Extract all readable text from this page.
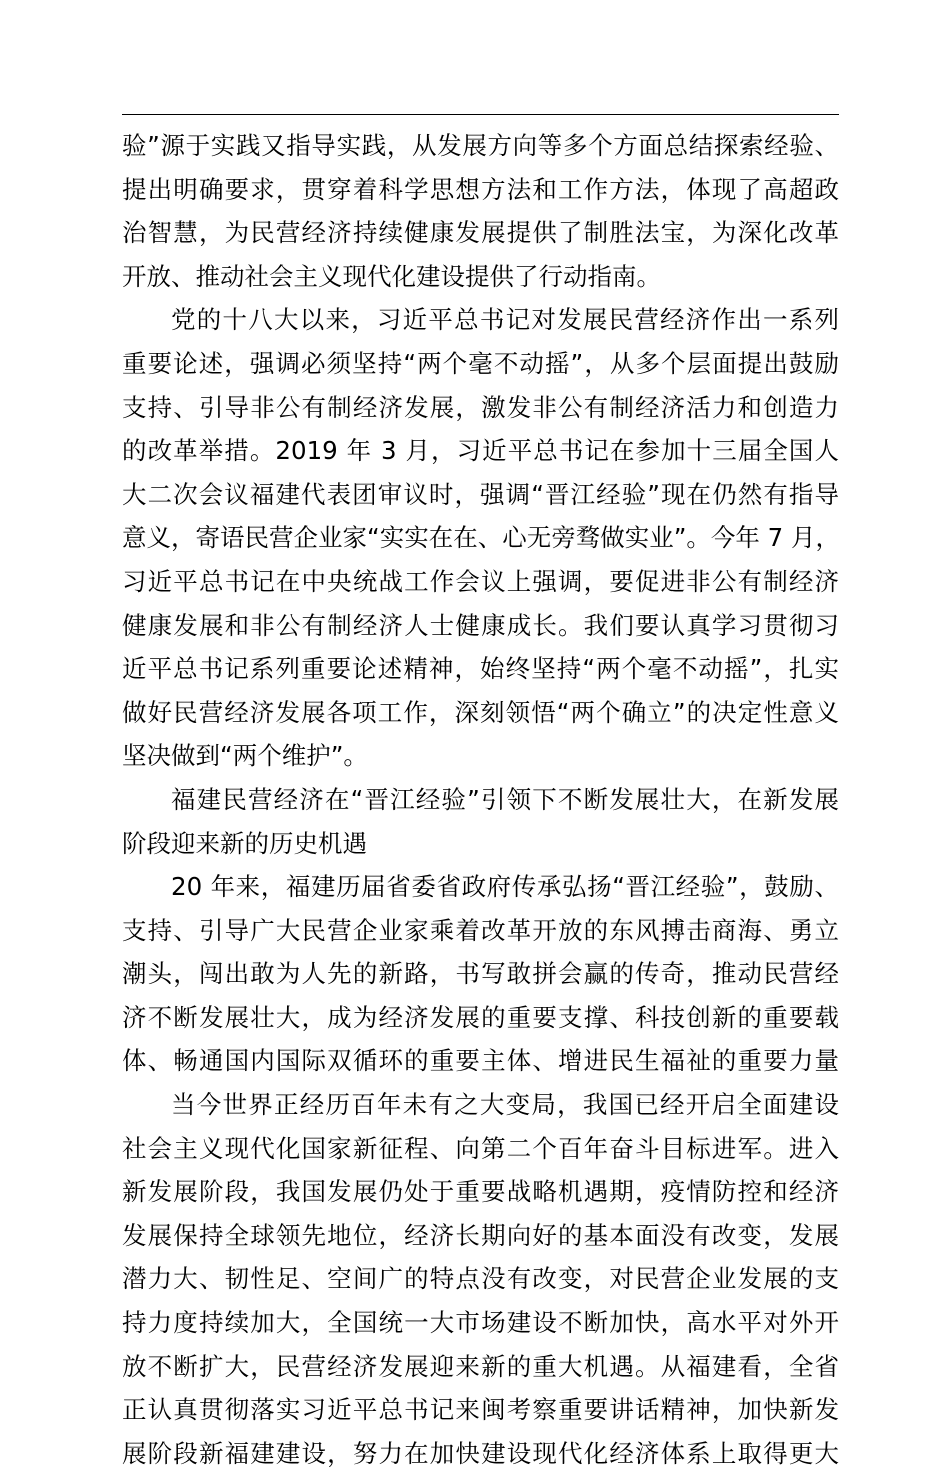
验”源于实践又指导实践，从发展方向等多个方面总结探索经验、
提出明确要求，贯穿着科学思想方法和工作方法，体现了高超政
治智慧，为民营经济持续健康发展提供了制胜法宝，为深化改革
开放、推动社会主义现代化建设提供了行动指南。
党的十八大以来，习近平总书记对发展民营经济作出一系列
重要论述，强调必须坚持“两个毫不动摇”，从多个层面提出鼓励
支持、引导非公有制经济发展，激发非公有制经济活力和创造力
的改革举措。2019 年 3 月，习近平总书记在参加十三届全国人
大二次会议福建代表团审议时，强调“晋江经验”现在仍然有指导
意义，寄语民营企业家“实实在在、心无旁骛做实业”。今年 7 月，
习近平总书记在中央统战工作会议上强调，要促进非公有制经济
健康发展和非公有制经济人士健康成长。我们要认真学习贯彻习
近平总书记系列重要论述精神，始终坚持“两个毫不动摇”，扎实
做好民营经济发展各项工作，深刻领悟“两个确立”的决定性意义
坚决做到“两个维护”。
福建民营经济在“晋江经验”引领下不断发展壮大，在新发展
阶段迎来新的历史机遇
20 年来，福建历届省委省政府传承弘扬“晋江经验”，鼓励、
支持、引导广大民营企业家乘着改革开放的东风搏击商海、勇立
潮头，闯出敢为人先的新路，书写敢拼会赢的传奇，推动民营经
济不断发展壮大，成为经济发展的重要支撑、科技创新的重要载
体、畅通国内国际双循环的重要主体、增进民生福祉的重要力量
当今世界正经历百年未有之大变局，我国已经开启全面建设
社会主义现代化国家新征程、向第二个百年奋斗目标进军。进入
新发展阶段，我国发展仍处于重要战略机遇期，疫情防控和经济
发展保持全球领先地位，经济长期向好的基本面没有改变，发展
潜力大、韧性足、空间广的特点没有改变，对民营企业发展的支
持力度持续加大，全国统一大市场建设不断加快，高水平对外开
放不断扩大，民营经济发展迎来新的重大机遇。从福建看，全省
正认真贯彻落实习近平总书记来闽考察重要讲话精神，加快新发
展阶段新福建建设，努力在加快建设现代化经济体系上取得更大
